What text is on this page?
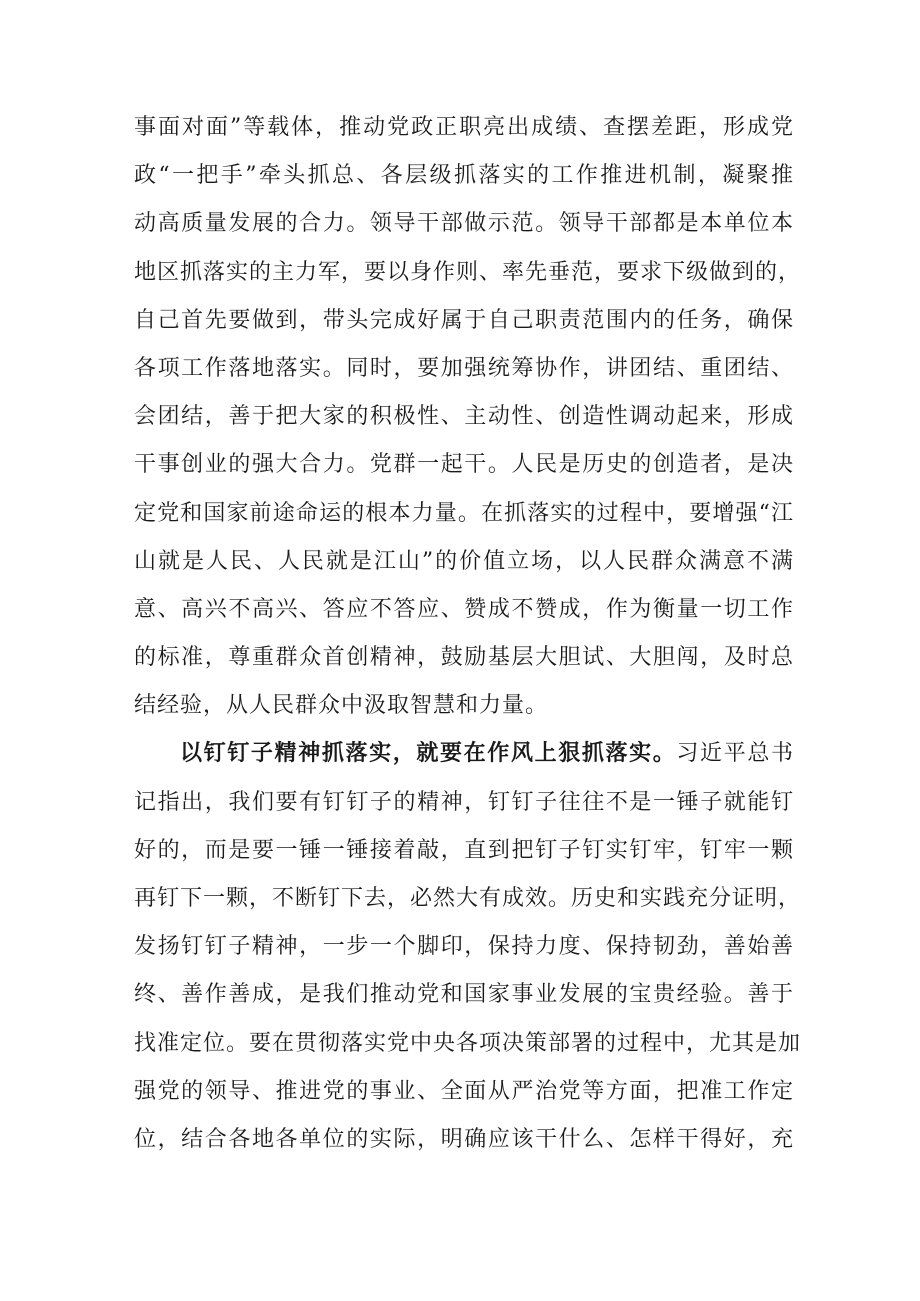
事面对面”等载体，推动党政正职亮出成绩、查摆差距，形成党
政“一把手”牵头抓总、各层级抓落实的工作推进机制，凝聚推
动高质量发展的合力。领导干部做示范。领导干部都是本单位本
地区抓落实的主力军，要以身作则、率先垂范，要求下级做到的，
自己首先要做到，带头完成好属于自己职责范围内的任务，确保
各项工作落地落实。同时，要加强统筹协作，讲团结、重团结、
会团结，善于把大家的积极性、主动性、创造性调动起来，形成
干事创业的强大合力。党群一起干。人民是历史的创造者，是决
定党和国家前途命运的根本力量。在抓落实的过程中，要增强“江
山就是人民、人民就是江山”的价值立场，以人民群众满意不满
意、高兴不高兴、答应不答应、赞成不赞成，作为衡量一切工作
的标准，尊重群众首创精神，鼓励基层大胆试、大胆闯，及时总
结经验，从人民群众中汲取智慧和力量。
以钉钉子精神抓落实，就要在作风上狠抓落实。习近平总书
记指出，我们要有钉钉子的精神，钉钉子往往不是一锤子就能钉
好的，而是要一锤一锤接着敲，直到把钉子钉实钉牢，钉牢一颗
再钉下一颗，不断钉下去，必然大有成效。历史和实践充分证明，
发扬钉钉子精神，一步一个脚印，保持力度、保持韧劲，善始善
终、善作善成，是我们推动党和国家事业发展的宝贵经验。善于
找准定位。要在贯彻落实党中央各项决策部署的过程中，尤其是加
强党的领导、推进党的事业、全面从严治党等方面，把准工作定
位，结合各地各单位的实际，明确应该干什么、怎样干得好，充
